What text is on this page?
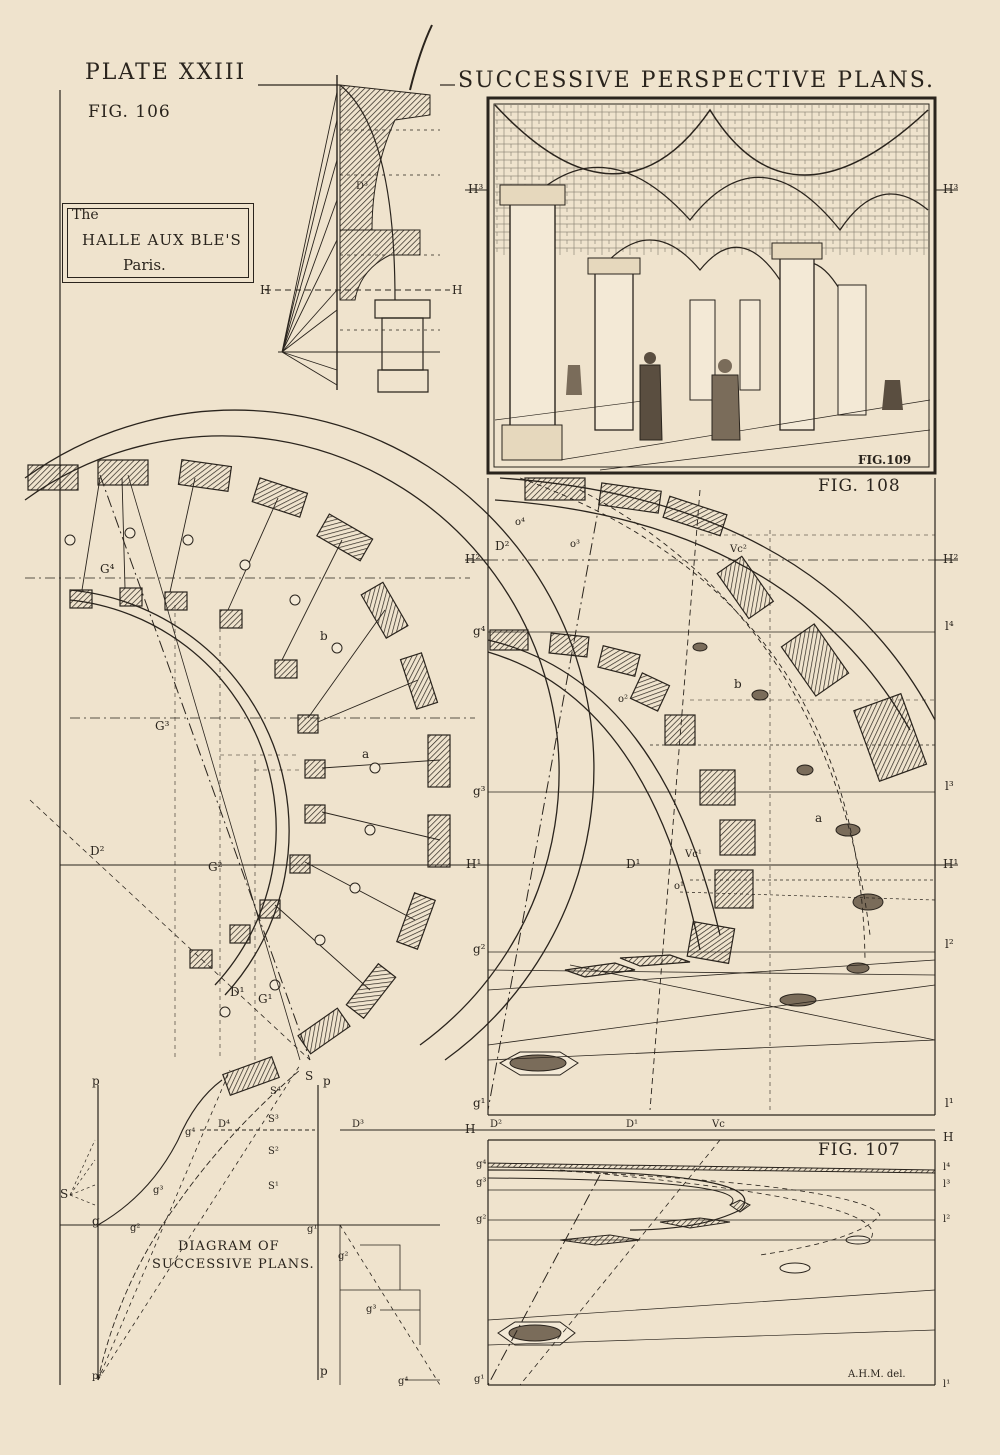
PLATE XXIII	SUCCESSIVE PERSPECTIVE PLANS.
FIG. 106
FIG. 108
FIG. 107
FIG.109
The
HALLE AUX BLE'S
Paris.
DIAGRAM OF
SUCCESSIVE PLANS.
A.H.M. del.
H	H
H³	H³
H²	H²
H¹	H¹
H
H
D³
D²
D¹
D²
D¹
D⁴	D³	D²	D¹
G⁴
G³
G²
G¹
g⁴
g³
g²
g¹
l⁴
l³
l²
l¹
g⁴
g³
g²
g¹
l⁴
l³
l²
l¹
b
a
b
a
o⁴
o³
o²
o¹
Vc²
Vc¹
Vc
p	p
p
p¹
S
S
S⁴
S³
S²
S¹
g
g⁴
g³
g²	g¹
g²
g³
g⁴
